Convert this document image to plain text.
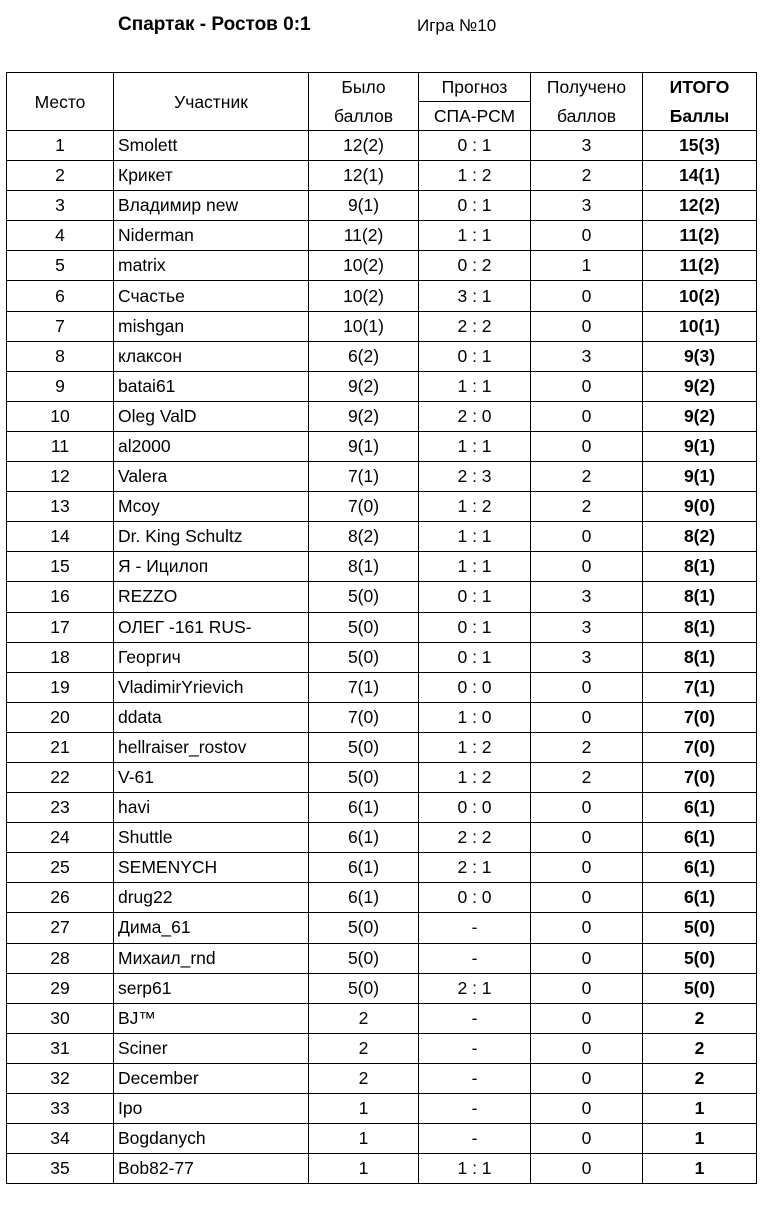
Спартак - Ростов 0:1	Игра №10
Место	Участник	Было	Прогноз	Получено	ИТОГО
		баллов	СПА-РСМ	баллов	Баллы
1	Smolett	12(2)	0 : 1	3	15(3)
2	Крикет	12(1)	1 : 2	2	14(1)
3	Владимир new	9(1)	0 : 1	3	12(2)
4	Niderman	11(2)	1 : 1	0	11(2)
5	matrix	10(2)	0 : 2	1	11(2)
6	Счастье	10(2)	3 : 1	0	10(2)
7	mishgan	10(1)	2 : 2	0	10(1)
8	клаксон	6(2)	0 : 1	3	9(3)
9	batai61	9(2)	1 : 1	0	9(2)
10	Oleg ValD	9(2)	2 : 0	0	9(2)
11	al2000	9(1)	1 : 1	0	9(1)
12	Valera	7(1)	2 : 3	2	9(1)
13	Mcoy	7(0)	1 : 2	2	9(0)
14	Dr. King Schultz	8(2)	1 : 1	0	8(2)
15	Я - Ицилоп	8(1)	1 : 1	0	8(1)
16	REZZO	5(0)	0 : 1	3	8(1)
17	ОЛЕГ -161 RUS-	5(0)	0 : 1	3	8(1)
18	Георгич	5(0)	0 : 1	3	8(1)
19	VladimirYrievich	7(1)	0 : 0	0	7(1)
20	ddata	7(0)	1 : 0	0	7(0)
21	hellraiser_rostov	5(0)	1 : 2	2	7(0)
22	V-61	5(0)	1 : 2	2	7(0)
23	havi	6(1)	0 : 0	0	6(1)
24	Shuttle	6(1)	2 : 2	0	6(1)
25	SEMENYCH	6(1)	2 : 1	0	6(1)
26	drug22	6(1)	0 : 0	0	6(1)
27	Дима_61	5(0)	-	0	5(0)
28	Михаил_rnd	5(0)	-	0	5(0)
29	serp61	5(0)	2 : 1	0	5(0)
30	BJ™	2	-	0	2
31	Sciner	2	-	0	2
32	December	2	-	0	2
33	Ipo	1	-	0	1
34	Bogdanych	1	-	0	1
35	Bob82-77	1	1 : 1	0	1
